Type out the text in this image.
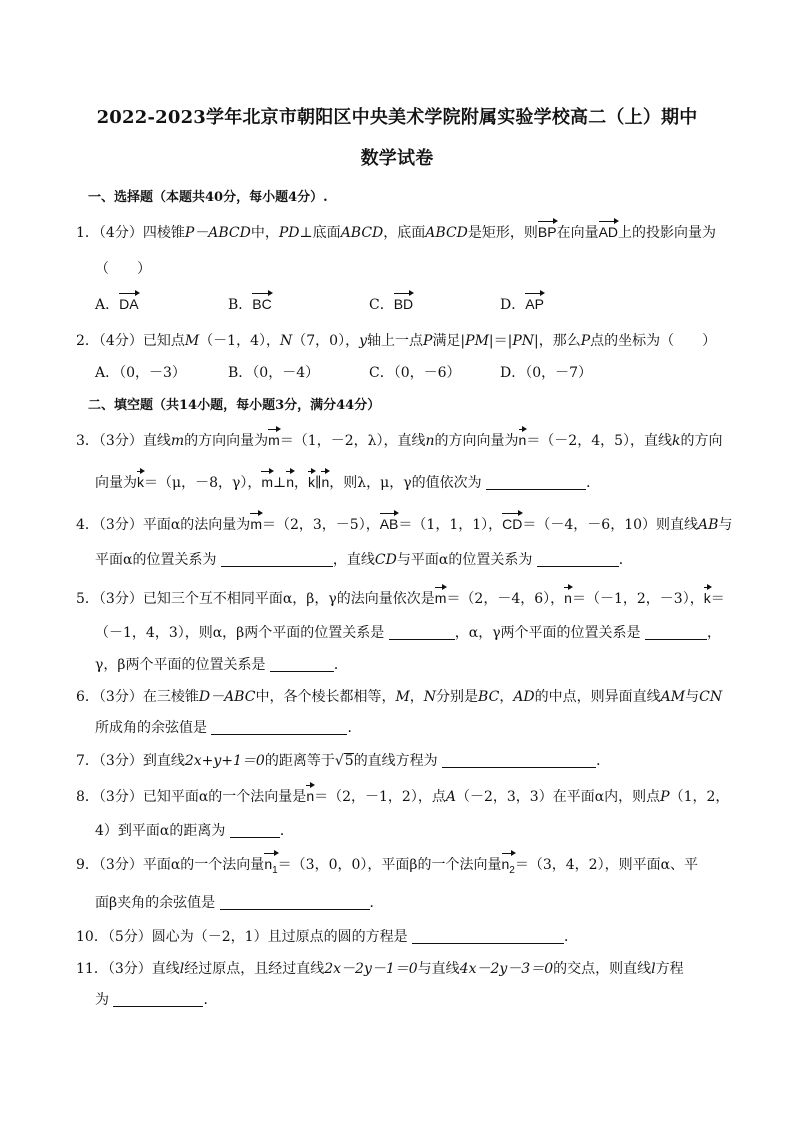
2022-2023学年北京市朝阳区中央美术学院附属实验学校高二（上）期中
数学试卷
一、选择题（本题共40分，每小题4分）.
1．（4分）四棱锥P－ABCD中，PD⊥底面ABCD，底面ABCD是矩形，则BP在向量AD上的投影向量为
（　　）
A．DA	B．BC	C．BD	D．AP
2．（4分）已知点M（－1，4），N（7，0），y轴上一点P满足|PM|＝|PN|，那么P点的坐标为（　　）
A．（0，－3）	B．（0，－4）	C．（0，－6）	D．（0，－7）
二、填空题（共14小题，每小题3分，满分44分）
3．（3分）直线m的方向向量为m＝（1，－2，λ），直线n的方向向量为n＝（－2，4，5），直线k的方向
向量为k＝（μ，－8，γ），m⊥n，k∥n，则λ，μ，γ的值依次为	．
4．（3分）平面α的法向量为m＝（2，3，－5），AB＝（1，1，1），CD＝（－4，－6，10）则直线AB与
平面α的位置关系为	，直线CD与平面α的位置关系为	．
5．（3分）已知三个互不相同平面α，β，γ的法向量依次是m＝（2，－4，6），n＝（－1，2，－3），k＝
（－1，4，3），则α，β两个平面的位置关系是	，α，γ两个平面的位置关系是	，
γ，β两个平面的位置关系是	．
6．（3分）在三棱锥D－ABC中，各个棱长都相等，M，N分别是BC，AD的中点，则异面直线AM与CN
所成角的余弦值是	．
7．（3分）到直线2x+y+1＝0的距离等于√5的直线方程为	．
8．（3分）已知平面α的一个法向量是n＝（2，－1，2），点A（－2，3，3）在平面α内，则点P（1，2，
4）到平面α的距离为	．
9．（3分）平面α的一个法向量$n_1=(3$，0，0），平面β的一个法向量$n_2=(3$，4，2），则平面α、平
面β夹角的余弦值是	．
10．（5分）圆心为（－2，1）且过原点的圆的方程是	．
11．（3分）直线l经过原点，且经过直线2x－2y－1＝0与直线4x－2y－3＝0的交点，则直线l方程
为	．
